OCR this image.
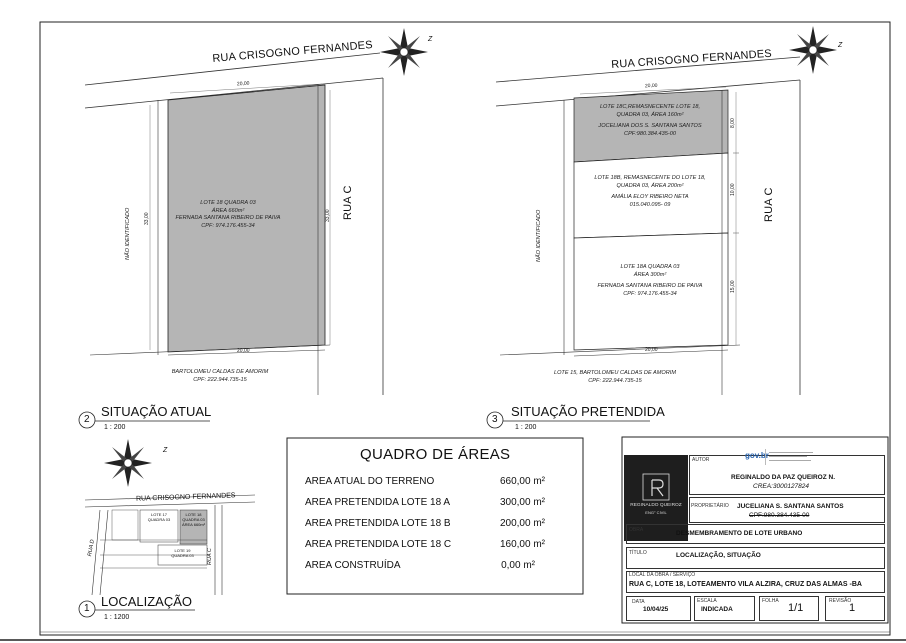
RUA CRISOGNO FERNANDES
RUA C
NÃO IDENTIFICADO
20,00
20,00
33,00	33,00
LOTE 18 QUADRA 03
ÁREA 660m²
FERNADA SANTANA RIBEIRO DE PAIVA
CPF: 974.176.455-34
BARTOLOMEU CALDAS DE AMORIM
CPF: 222.944.735-15
2
SITUAÇÃO ATUAL
1 : 200
Z
RUA CRISOGNO FERNANDES
RUA C
NÃO IDENTIFICADO
20,00
20,00
8,00
10,00
15,00
LOTE 18C,REMASNECENTE LOTE 18,
QUADRA 03, ÁREA 160m²
JOCELIANA DOS S. SANTANA SANTOS
CPF:980.384.435-00
LOTE 18B, REMASNECENTE DO LOTE 18,
QUADRA 03, ÁREA 200m²
AMÁLIA ELOY RIBEIRO NETA
015.040.095- 09
LOTE 18A QUADRA 03
ÁREA 300m²
FERNADA SANTANA RIBEIRO DE PAIVA
CPF: 974.176.455-34
LOTE 15, BARTOLOMEU CALDAS DE AMORIM
CPF: 222.944.735-15
3
SITUAÇÃO PRETENDIDA
1 : 200
Z
RUA CRISOGNO FERNANDES
RUA D	RUA C
LOTE 17
QUADRA 03
LOTE 18
QUADRA 03
ÁREA 660m²
LOTE 19
QUADRA 03
1 LOCALIZAÇÃO
1 : 1200
Z	QUADRO DE ÁREAS
AREA ATUAL DO TERRENO	660,00 m²
AREA PRETENDIDA LOTE 18 A	300,00 m²
AREA PRETENDIDA LOTE 18 B	200,00 m²
AREA PRETENDIDA LOTE 18 C	160,00 m²
AREA CONSTRUÍDA	0,00 m²
REGINALDO QUEIROZ
ENG° CIVIL
AUTOR	gov.br
REGINALDO DA PAZ QUEIROZ N.
CREA:3000127824
PROPRIETÁRIO JUCELIANA S. SANTANA SANTOS
CPF:980.384.435-00
OBRA	DESMEMBRAMENTO DE LOTE URBANO
TÍTULO	LOCALIZAÇÃO, SITUAÇÃO
LOCAL DA OBRA / SERVIÇO
RUA C, LOTE 18, LOTEAMENTO VILA ALZIRA, CRUZ DAS ALMAS -BA
DATA
10/04/25
ESCALA
INDICADA
FOLHA
1/1
REVISÃO
1
